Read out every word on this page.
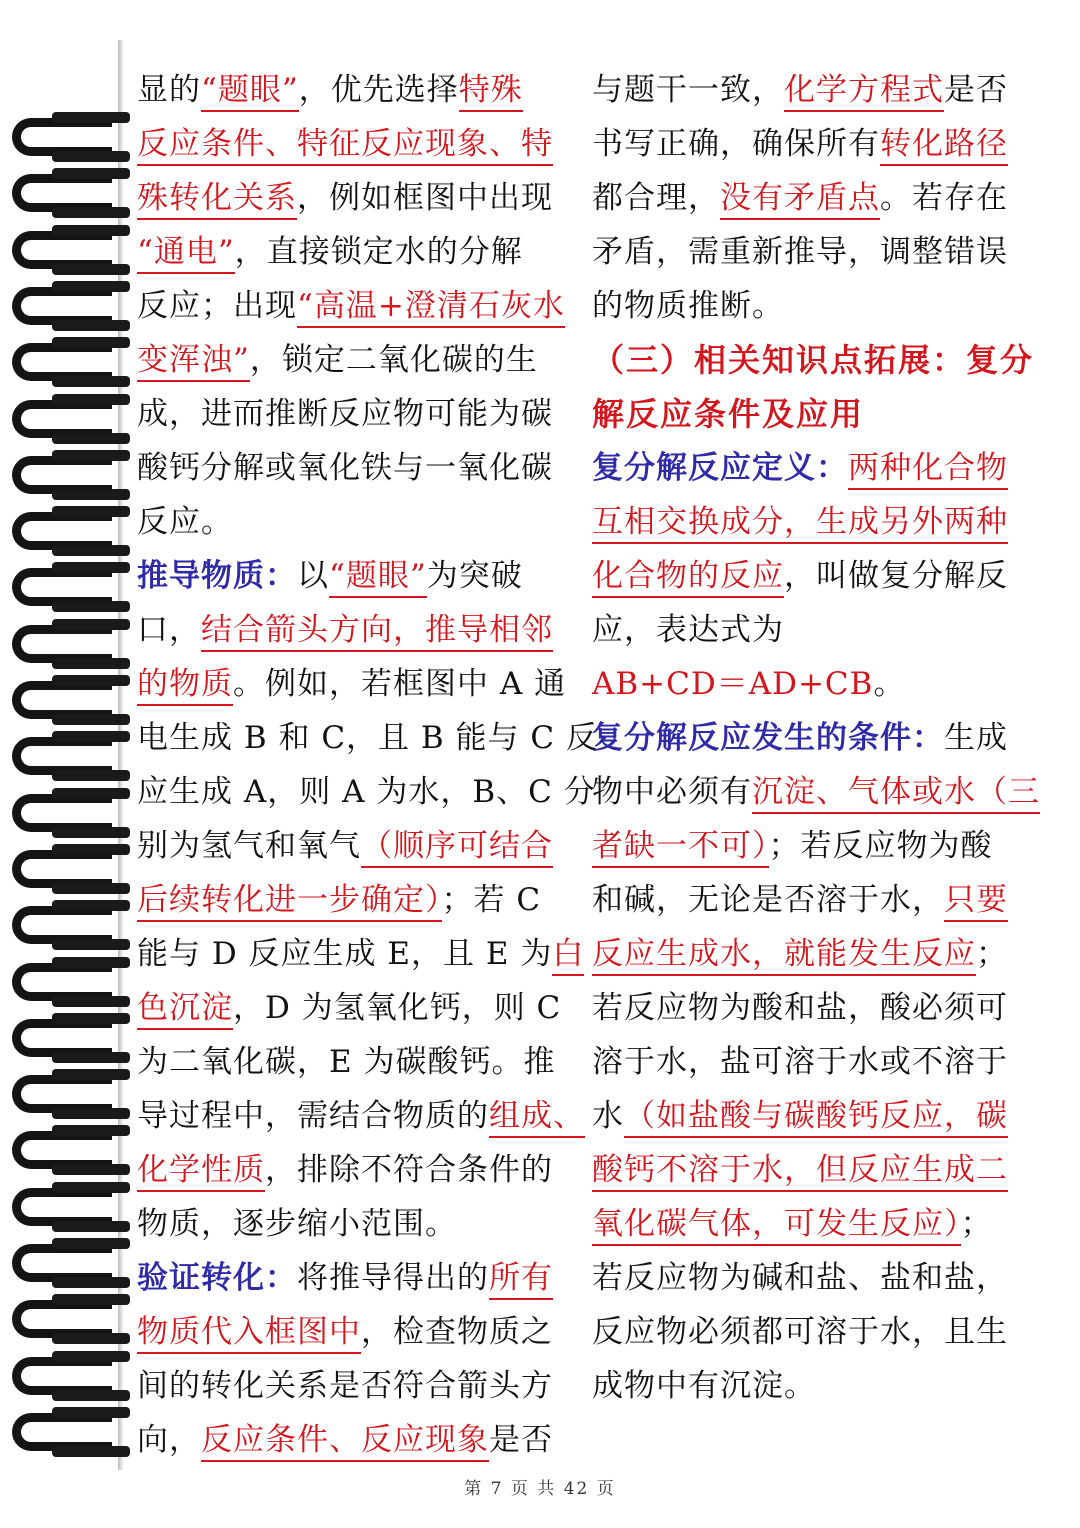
显的“题眼”，优先选择特殊
反应条件、特征反应现象、特
殊转化关系，例如框图中出现
“通电”，直接锁定水的分解
反应；出现“高温+澄清石灰水
变浑浊”，锁定二氧化碳的生
成，进而推断反应物可能为碳
酸钙分解或氧化铁与一氧化碳
反应。
推导物质：以“题眼”为突破
口，结合箭头方向，推导相邻
的物质。例如，若框图中 A 通
电生成 B 和 C，且 B 能与 C 反
应生成 A，则 A 为水，B、C 分
别为氢气和氧气（顺序可结合
后续转化进一步确定）；若 C
能与 D 反应生成 E，且 E 为白
色沉淀，D 为氢氧化钙，则 C
为二氧化碳，E 为碳酸钙。推
导过程中，需结合物质的组成、
化学性质，排除不符合条件的
物质，逐步缩小范围。
验证转化：将推导得出的所有
物质代入框图中，检查物质之
间的转化关系是否符合箭头方
向，反应条件、反应现象是否
与题干一致，化学方程式是否
书写正确，确保所有转化路径
都合理，没有矛盾点。若存在
矛盾，需重新推导，调整错误
的物质推断。
（三）相关知识点拓展：复分
解反应条件及应用
复分解反应定义：两种化合物
互相交换成分，生成另外两种
化合物的反应，叫做复分解反
应，表达式为
AB+CD＝AD+CB。
复分解反应发生的条件：生成
物中必须有沉淀、气体或水（三
者缺一不可）；若反应物为酸
和碱，无论是否溶于水，只要
反应生成水，就能发生反应；
若反应物为酸和盐，酸必须可
溶于水，盐可溶于水或不溶于
水（如盐酸与碳酸钙反应，碳
酸钙不溶于水，但反应生成二
氧化碳气体，可发生反应）；
若反应物为碱和盐、盐和盐，
反应物必须都可溶于水，且生
成物中有沉淀。
第 7 页 共 42 页
